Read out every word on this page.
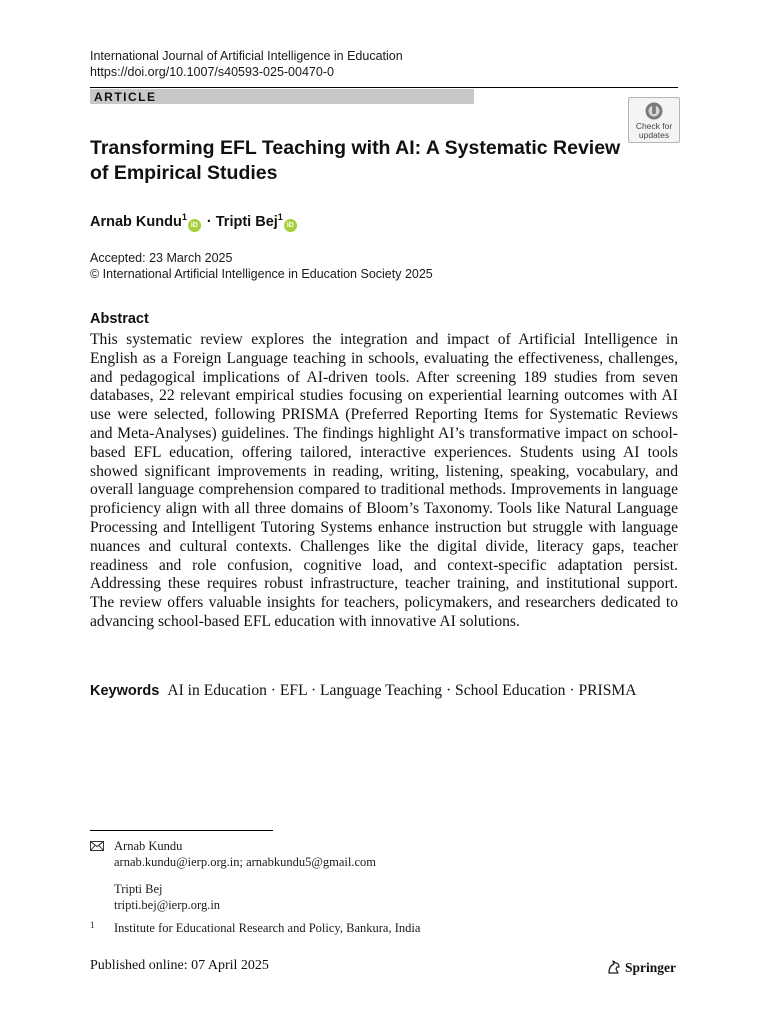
International Journal of Artificial Intelligence in Education
https://doi.org/10.1007/s40593-025-00470-0
ARTICLE
Check for
updates
Transforming EFL Teaching with AI: A Systematic Review of Empirical Studies
Arnab Kundu$^1$iD · Tripti Bej$^1$iD
Accepted: 23 March 2025
© International Artificial Intelligence in Education Society 2025
Abstract
This systematic review explores the integration and impact of Artificial Intelligence in English as a Foreign Language teaching in schools, evaluating the effectiveness, challenges, and pedagogical implications of AI-driven tools. After screening 189 studies from seven databases, 22 relevant empirical studies focusing on experiential learning outcomes with AI use were selected, following PRISMA (Preferred Reporting Items for Systematic Reviews and Meta-Analyses) guidelines. The findings highlight AI’s transformative impact on school-based EFL education, offering tailored, interactive experiences. Students using AI tools showed significant improvements in reading, writing, listening, speaking, vocabulary, and overall language comprehension compared to traditional methods. Improvements in language proficiency align with all three domains of Bloom’s Taxonomy. Tools like Natural Language Processing and Intelligent Tutoring Systems enhance instruction but struggle with language nuances and cultural contexts. Challenges like the digital divide, literacy gaps, teacher readiness and role confusion, cognitive load, and context-specific adaptation persist. Addressing these requires robust infrastructure, teacher training, and institutional support. The review offers valuable insights for teachers, policymakers, and researchers dedicated to advancing school-based EFL education with innovative AI solutions.
Keywords AI in Education · EFL · Language Teaching · School Education · PRISMA
Arnab Kundu
arnab.kundu@ierp.org.in; arnabkundu5@gmail.com
Tripti Bej
tripti.bej@ierp.org.in
1 Institute for Educational Research and Policy, Bankura, India
Published online: 07 April 2025	Springer
